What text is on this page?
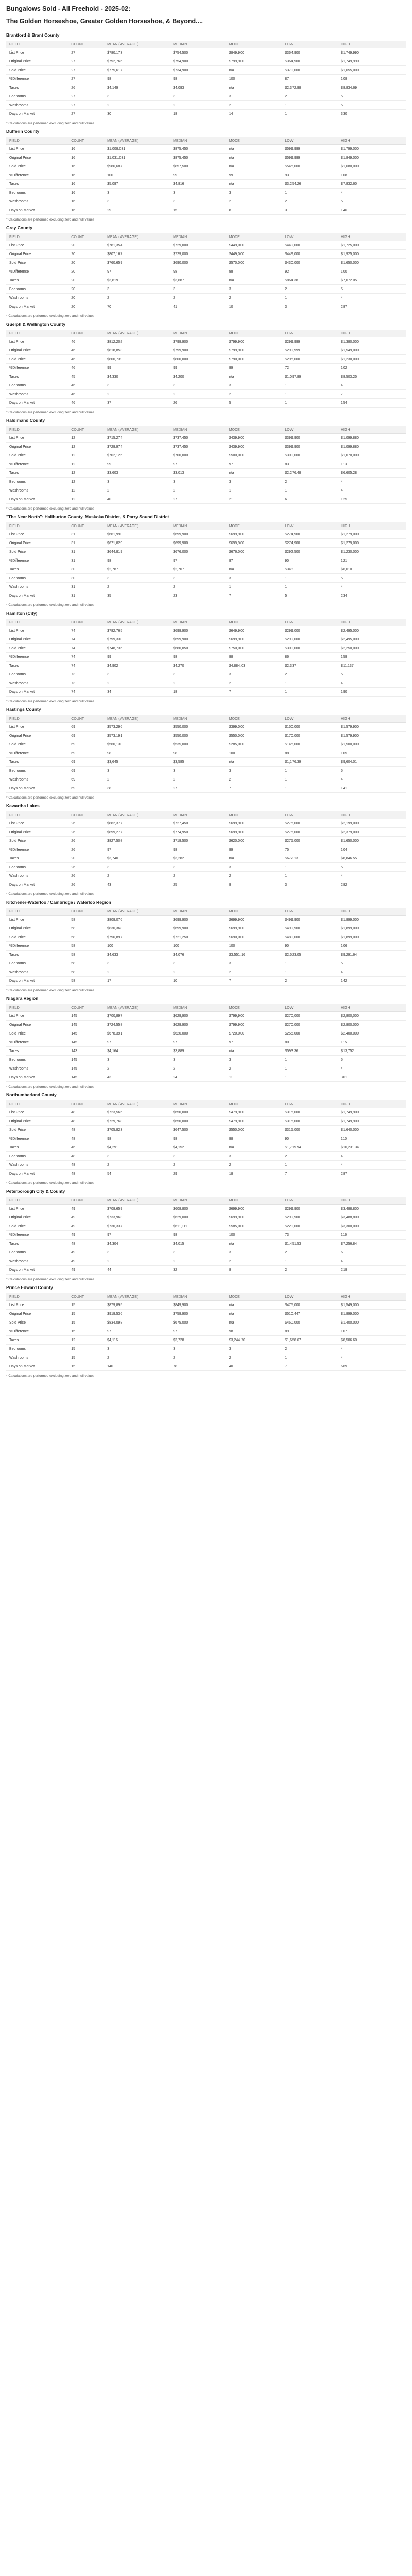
Bungalows Sold - All Freehold - 2025-02:
The Golden Horseshoe, Greater Golden Horseshoe, & Beyond....
Brantford & Brant County
FIELD	COUNT	MEAN (AVERAGE)	MEDIAN	MODE	LOW	HIGH
List Price	27	$780,173	$754,500	$849,900	$364,900	$1,749,990
Original Price	27	$792,766	$754,900	$799,900	$364,900	$1,749,990
Sold Price	27	$775,617	$734,900	n/a	$370,000	$1,655,000
%Difference	27	98	98	100	87	108
Taxes	26	$4,149	$4,093	n/a	$2,372.98	$8,834.69
Bedrooms	27	3	3	3	2	5
Washrooms	27	2	2	2	1	5
Days on Market	27	30	18	14	1	330
* Calculations are performed excluding zero and null values
Dufferin County
FIELD	COUNT	MEAN (AVERAGE)	MEDIAN	MODE	LOW	HIGH
List Price	16	$1,008,031	$875,450	n/a	$599,999	$1,799,000
Original Price	16	$1,031,031	$875,450	n/a	$599,999	$1,849,000
Sold Price	16	$986,687	$857,500	n/a	$545,000	$1,680,000
%Difference	16	100	99	99	93	108
Taxes	16	$5,097	$4,816	n/a	$3,254.26	$7,832.60
Bedrooms	16	3	3	3	1	4
Washrooms	16	3	3	2	2	5
Days on Market	16	29	15	8	3	146
* Calculations are performed excluding zero and null values
Grey County
FIELD	COUNT	MEAN (AVERAGE)	MEDIAN	MODE	LOW	HIGH
List Price	20	$781,354	$729,000	$449,000	$449,000	$1,725,000
Original Price	20	$807,167	$729,000	$449,000	$449,000	$1,925,000
Sold Price	20	$760,659	$690,000	$570,000	$430,000	$1,650,000
%Difference	20	97	98	98	92	100
Taxes	20	$3,819	$3,687	n/a	$864.38	$7,072.05
Bedrooms	20	3	3	3	2	5
Washrooms	20	2	2	2	1	4
Days on Market	20	70	41	10	3	287
* Calculations are performed excluding zero and null values
Guelph & Wellington County
FIELD	COUNT	MEAN (AVERAGE)	MEDIAN	MODE	LOW	HIGH
List Price	46	$812,202	$799,900	$799,900	$299,999	$1,380,000
Original Price	46	$818,853	$799,900	$799,900	$299,999	$1,549,000
Sold Price	46	$800,739	$800,000	$790,000	$295,000	$1,230,000
%Difference	46	99	99	99	72	102
Taxes	45	$4,330	$4,200	n/a	$1,097.89	$8,503.25
Bedrooms	46	3	3	3	1	4
Washrooms	46	2	2	2	1	7
Days on Market	46	37	26	5	1	154
* Calculations are performed excluding zero and null values
Haldimand County
FIELD	COUNT	MEAN (AVERAGE)	MEDIAN	MODE	LOW	HIGH
List Price	12	$715,274	$737,450	$439,900	$399,900	$1,099,880
Original Price	12	$729,974	$737,450	$439,900	$399,900	$1,099,880
Sold Price	12	$702,125	$700,000	$500,000	$300,000	$1,070,000
%Difference	12	99	97	97	83	113
Taxes	12	$3,603	$3,013	n/a	$2,276.48	$6,605.28
Bedrooms	12	3	3	3	2	4
Washrooms	12	2	2	1	1	4
Days on Market	12	40	27	21	6	125
* Calculations are performed excluding zero and null values
"The Near North": Haliburton County, Muskoka District, & Parry Sound District
FIELD	COUNT	MEAN (AVERAGE)	MEDIAN	MODE	LOW	HIGH
List Price	31	$661,990	$699,900	$699,900	$274,900	$1,279,000
Original Price	31	$671,829	$699,900	$699,900	$274,900	$1,279,000
Sold Price	31	$644,819	$676,000	$676,000	$292,500	$1,230,000
%Difference	31	98	97	97	90	121
Taxes	30	$2,787	$2,707	n/a	$348	$6,010
Bedrooms	30	3	3	3	1	5
Washrooms	31	2	2	1	1	4
Days on Market	31	35	23	7	5	234
* Calculations are performed excluding zero and null values
Hamilton (City)
FIELD	COUNT	MEAN (AVERAGE)	MEDIAN	MODE	LOW	HIGH
List Price	74	$782,765	$699,900	$649,900	$299,000	$2,495,000
Original Price	74	$799,330	$699,900	$699,900	$299,000	$2,495,000
Sold Price	74	$748,736	$680,050	$750,000	$300,000	$2,250,000
%Difference	74	99	98	98	86	159
Taxes	74	$4,902	$4,270	$4,884.03	$2,337	$11,137
Bedrooms	73	3	3	3	2	5
Washrooms	73	2	2	2	1	4
Days on Market	74	34	18	7	1	190
* Calculations are performed excluding zero and null values
Hastings County
FIELD	COUNT	MEAN (AVERAGE)	MEDIAN	MODE	LOW	HIGH
List Price	69	$573,296	$550,000	$399,000	$150,000	$1,579,900
Original Price	69	$573,191	$550,000	$550,000	$170,000	$1,579,900
Sold Price	69	$560,130	$535,000	$285,000	$145,000	$1,500,000
%Difference	69	98	98	100	88	105
Taxes	69	$3,645	$3,585	n/a	$1,176.39	$9,604.01
Bedrooms	69	3	3	3	1	5
Washrooms	69	2	2	2	1	4
Days on Market	69	38	27	7	1	141
* Calculations are performed excluding zero and null values
Kawartha Lakes
FIELD	COUNT	MEAN (AVERAGE)	MEDIAN	MODE	LOW	HIGH
List Price	26	$882,377	$727,450	$699,900	$275,000	$2,199,000
Original Price	26	$899,277	$774,950	$699,900	$275,000	$2,379,000
Sold Price	26	$827,508	$719,500	$620,000	$275,000	$1,650,000
%Difference	26	97	98	99	75	104
Taxes	20	$3,740	$3,282	n/a	$672.13	$8,846.55
Bedrooms	26	3	3	3	1	5
Washrooms	26	2	2	2	1	4
Days on Market	26	43	25	9	3	282
* Calculations are performed excluding zero and null values
Kitchener-Waterloo / Cambridge / Waterloo Region
FIELD	COUNT	MEAN (AVERAGE)	MEDIAN	MODE	LOW	HIGH
List Price	58	$809,076	$699,900	$699,900	$499,900	$1,899,000
Original Price	58	$830,368	$699,900	$699,900	$499,900	$1,899,000
Sold Price	58	$796,897	$721,250	$690,000	$480,000	$1,899,000
%Difference	58	100	100	100	90	106
Taxes	58	$4,633	$4,076	$3,551.16	$2,523.05	$9,291.64
Bedrooms	58	3	3	3	1	5
Washrooms	58	2	2	2	1	4
Days on Market	58	17	10	7	2	142
* Calculations are performed excluding zero and null values
Niagara Region
FIELD	COUNT	MEAN (AVERAGE)	MEDIAN	MODE	LOW	HIGH
List Price	145	$700,897	$629,900	$799,900	$270,000	$2,800,000
Original Price	145	$724,558	$629,900	$799,900	$270,000	$2,800,000
Sold Price	145	$678,391	$620,000	$720,000	$255,000	$2,400,000
%Difference	145	97	97	97	80	115
Taxes	143	$4,164	$3,889	n/a	$593.36	$13,752
Bedrooms	145	3	3	3	1	5
Washrooms	145	2	2	2	1	4
Days on Market	145	43	24	11	1	301
* Calculations are performed excluding zero and null values
Northumberland County
FIELD	COUNT	MEAN (AVERAGE)	MEDIAN	MODE	LOW	HIGH
List Price	48	$723,565	$650,000	$479,900	$315,000	$1,749,900
Original Price	48	$729,768	$650,000	$479,900	$315,000	$1,749,900
Sold Price	48	$705,823	$647,500	$550,000	$315,000	$1,640,000
%Difference	48	98	98	98	90	110
Taxes	46	$4,291	$4,152	n/a	$1,719.94	$10,231.34
Bedrooms	48	3	3	3	2	4
Washrooms	48	2	2	2	1	4
Days on Market	48	54	29	18	7	287
* Calculations are performed excluding zero and null values
Peterborough City & County
FIELD	COUNT	MEAN (AVERAGE)	MEDIAN	MODE	LOW	HIGH
List Price	49	$708,659	$608,800	$699,900	$299,900	$3,488,800
Original Price	49	$733,963	$629,000	$699,900	$299,900	$3,488,800
Sold Price	49	$730,337	$611,111	$585,000	$220,000	$3,300,000
%Difference	49	97	98	100	73	116
Taxes	48	$4,304	$4,015	n/a	$1,451.53	$7,256.84
Bedrooms	49	3	3	3	2	6
Washrooms	49	2	2	2	1	4
Days on Market	49	44	32	8	2	219
* Calculations are performed excluding zero and null values
Prince Edward County
FIELD	COUNT	MEAN (AVERAGE)	MEDIAN	MODE	LOW	HIGH
List Price	15	$879,895	$849,900	n/a	$475,000	$1,549,000
Original Price	15	$919,536	$759,900	n/a	$510,447	$1,899,000
Sold Price	15	$834,098	$675,000	n/a	$460,000	$1,400,000
%Difference	15	97	97	98	89	107
Taxes	12	$4,116	$3,728	$3,244.70	$1,658.67	$8,506.60
Bedrooms	15	3	3	3	2	4
Washrooms	15	2	2	2	1	4
Days on Market	15	140	78	40	7	669
* Calculations are performed excluding zero and null values
